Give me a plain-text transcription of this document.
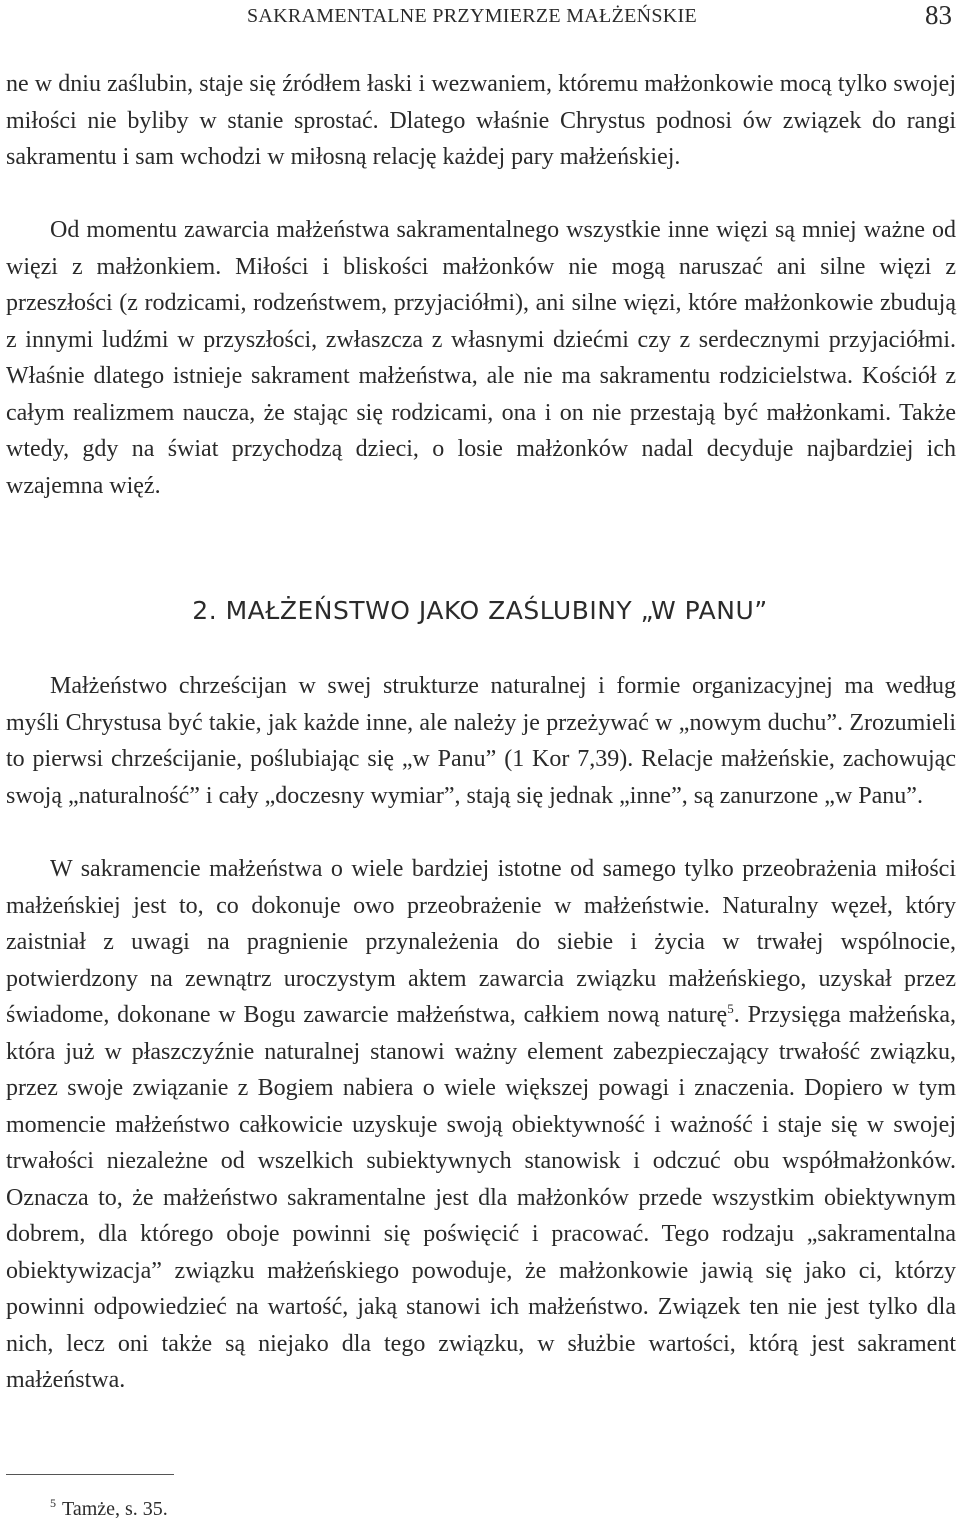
SAKRAMENTALNE PRZYMIERZE MAŁŻEŃSKIE	83

ne w dniu zaślubin, staje się źródłem łaski i wezwaniem, któremu małżonkowie mocą tylko swojej miłości nie byliby w stanie sprostać. Dlatego właśnie Chrystus podnosi ów związek do rangi sakramentu i sam wchodzi w miłosną relację każdej pary małżeńskiej.

Od momentu zawarcia małżeństwa sakramentalnego wszystkie inne więzi są mniej ważne od więzi z małżonkiem. Miłości i bliskości małżonków nie mogą naruszać ani silne więzi z przeszłości (z rodzicami, rodzeństwem, przyjaciółmi), ani silne więzi, które małżonkowie zbudują z innymi ludźmi w przyszłości, zwłaszcza z własnymi dziećmi czy z serdecznymi przyjaciółmi. Właśnie dlatego istnieje sakrament małżeństwa, ale nie ma sakramentu rodzicielstwa. Kościół z całym realizmem naucza, że stając się rodzicami, ona i on nie przestają być małżonkami. Także wtedy, gdy na świat przychodzą dzieci, o losie małżonków nadal decyduje najbardziej ich wzajemna więź.

2. MAŁŻEŃSTWO JAKO ZAŚLUBINY „W PANU”

Małżeństwo chrześcijan w swej strukturze naturalnej i formie organizacyjnej ma według myśli Chrystusa być takie, jak każde inne, ale należy je przeżywać w „nowym duchu”. Zrozumieli to pierwsi chrześcijanie, poślubiając się „w Panu” (1 Kor 7,39). Relacje małżeńskie, zachowując swoją „naturalność” i cały „doczesny wymiar”, stają się jednak „inne”, są zanurzone „w Panu”.

W sakramencie małżeństwa o wiele bardziej istotne od samego tylko przeobrażenia miłości małżeńskiej jest to, co dokonuje owo przeobrażenie w małżeństwie. Naturalny węzeł, który zaistniał z uwagi na pragnienie przynależenia do siebie i życia w trwałej wspólnocie, potwierdzony na zewnątrz uroczystym aktem zawarcia związku małżeńskiego, uzyskał przez świadome, dokonane w Bogu zawarcie małżeństwa, całkiem nową naturę$^5$. Przysięga małżeńska, która już w płaszczyźnie naturalnej stanowi ważny element zabezpieczający trwałość związku, przez swoje związanie z Bogiem nabiera o wiele większej powagi i znaczenia. Dopiero w tym momencie małżeństwo całkowicie uzyskuje swoją obiektywność i ważność i staje się w swojej trwałości niezależne od wszelkich subiektywnych stanowisk i odczuć obu współmałżonków. Oznacza to, że małżeństwo sakramentalne jest dla małżonków przede wszystkim obiektywnym dobrem, dla którego oboje powinni się poświęcić i pracować. Tego rodzaju „sakramentalna obiektywizacja” związku małżeńskiego powoduje, że małżonkowie jawią się jako ci, którzy powinni odpowiedzieć na wartość, jaką stanowi ich małżeństwo. Związek ten nie jest tylko dla nich, lecz oni także są niejako dla tego związku, w służbie wartości, którą jest sakrament małżeństwa.

$^5$ Tamże, s. 35.
